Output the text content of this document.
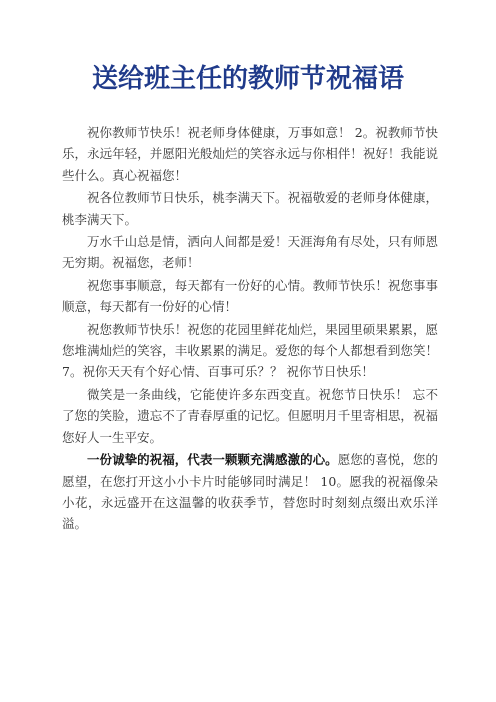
送给班主任的教师节祝福语

祝你教师节快乐！祝老师身体健康，万事如意！ 2。祝教师节快乐，永远年轻，并愿阳光般灿烂的笑容永远与你相伴！祝好！我能说些什么。真心祝福您！

祝各位教师节日快乐，桃李满天下。祝福敬爱的老师身体健康，桃李满天下。

万水千山总是情，洒向人间都是爱！天涯海角有尽处，只有师恩无穷期。祝福您，老师！

祝您事事顺意，每天都有一份好的心情。教师节快乐！祝您事事顺意，每天都有一份好的心情！

祝您教师节快乐！祝您的花园里鲜花灿烂，果园里硕果累累，愿您堆满灿烂的笑容，丰收累累的满足。爱您的每个人都想看到您笑！ 7。祝你天天有个好心情、百事可乐？？ 祝你节日快乐！

微笑是一条曲线，它能使许多东西变直。祝您节日快乐！ 忘不了您的笑脸，遗忘不了青春厚重的记忆。但愿明月千里寄相思，祝福您好人一生平安。

一份诚挚的祝福，代表一颗颗充满感激的心。愿您的喜悦，您的愿望，在您打开这小小卡片时能够同时满足！ 10。愿我的祝福像朵小花，永远盛开在这温馨的收获季节，替您时时刻刻点缀出欢乐洋溢。
